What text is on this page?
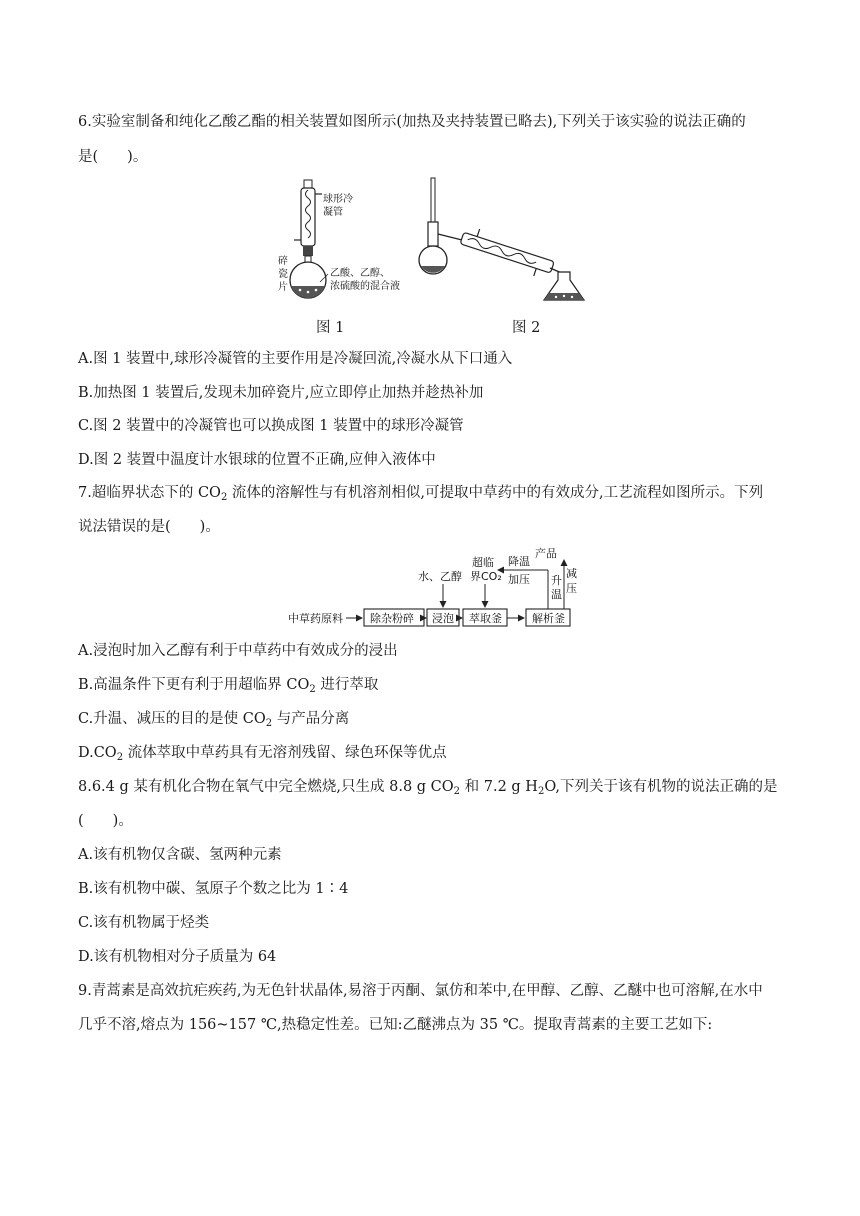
6.实验室制备和纯化乙酸乙酯的相关装置如图所示(加热及夹持装置已略去),下列关于该实验的说法正确的
是(　　)。
球形冷
凝管
碎
瓷
片
乙酸、乙醇、
浓硫酸的混合液
图 1	图 2
A.图 1 装置中,球形冷凝管的主要作用是冷凝回流,冷凝水从下口通入
B.加热图 1 装置后,发现未加碎瓷片,应立即停止加热并趁热补加
C.图 2 装置中的冷凝管也可以换成图 1 装置中的球形冷凝管
D.图 2 装置中温度计水银球的位置不正确,应伸入液体中
7.超临界状态下的 $CO_2$ 流体的溶解性与有机溶剂相似,可提取中草药中的有效成分,工艺流程如图所示。下列
说法错误的是(　　)。
中草药原料 除杂粉碎 浸泡 萃取釜	解析釜
水、乙醇
超临
界CO₂
降温
加压
产品
升
温
减
压
A.浸泡时加入乙醇有利于中草药中有效成分的浸出
B.高温条件下更有利于用超临界 $CO_2$ 进行萃取
C.升温、减压的目的是使 $CO_2$ 与产品分离
$D.CO_2$ 流体萃取中草药具有无溶剂残留、绿色环保等优点
8.6.4 g 某有机化合物在氧气中完全燃烧,只生成 8.8 g $CO_2$ 和 7.2 g $H_2O$,下列关于该有机物的说法正确的是
(　　)。
A.该有机物仅含碳、氢两种元素
B.该有机物中碳、氢原子个数之比为 1∶4
C.该有机物属于烃类
D.该有机物相对分子质量为 64
9.青蒿素是高效抗疟疾药,为无色针状晶体,易溶于丙酮、氯仿和苯中,在甲醇、乙醇、乙醚中也可溶解,在水中
几乎不溶,熔点为 156~157 ℃,热稳定性差。已知:乙醚沸点为 35 ℃。提取青蒿素的主要工艺如下:
